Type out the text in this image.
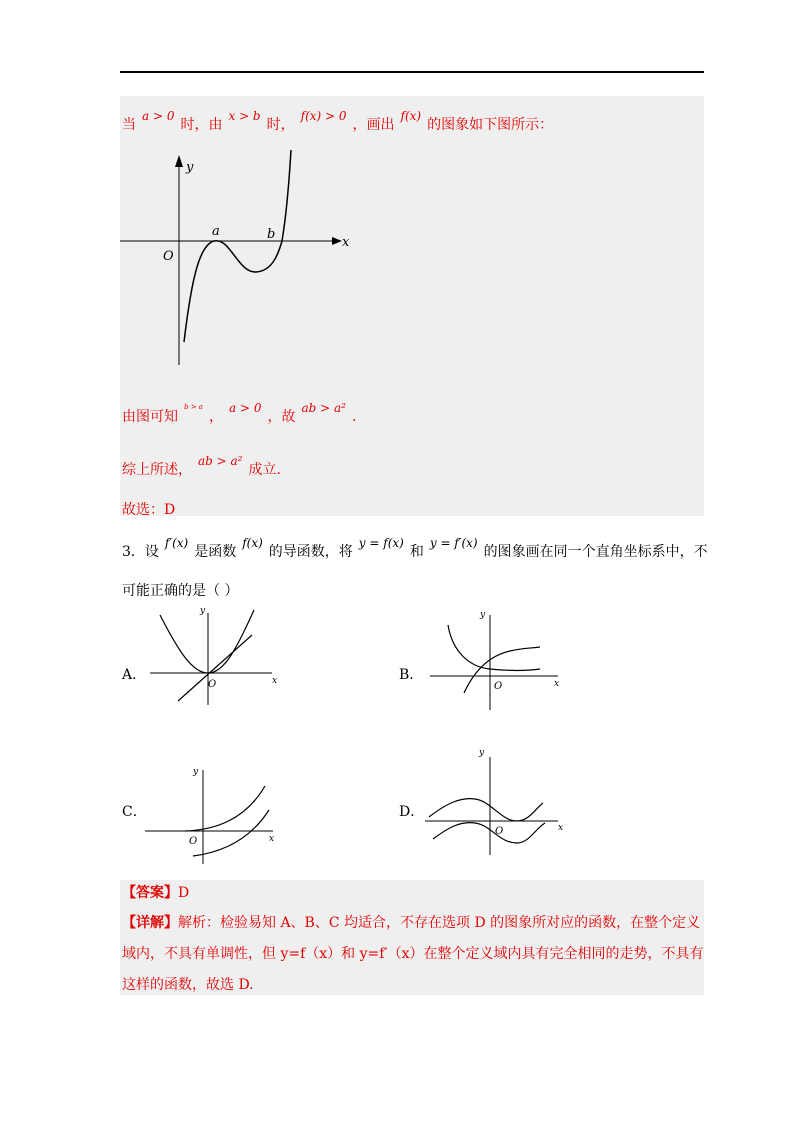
当a > 0时，由x > b时，f(x) > 0，画出f(x)的图象如下图所示：
y
x
O
a	b
由图可知$^{b > a}$，a > 0，故ab > a².
综上所述，ab > a²成立.
故选：D
3．设f′(x)是函数f(x)的导函数，将y = f(x)和y = f′(x)的图象画在同一个直角坐标系中，不
可能正确的是（ ）
A．
y
x
O
B．
y
x
O
C．
y
x
O
D．
y
x
O
【答案】D
【详解】解析：检验易知 A、B、C 均适合，不存在选项 D 的图象所对应的函数，在整个定义
域内，不具有单调性，但 y=f（x）和 y=f′（x）在整个定义域内具有完全相同的走势，不具有
这样的函数，故选 D.
